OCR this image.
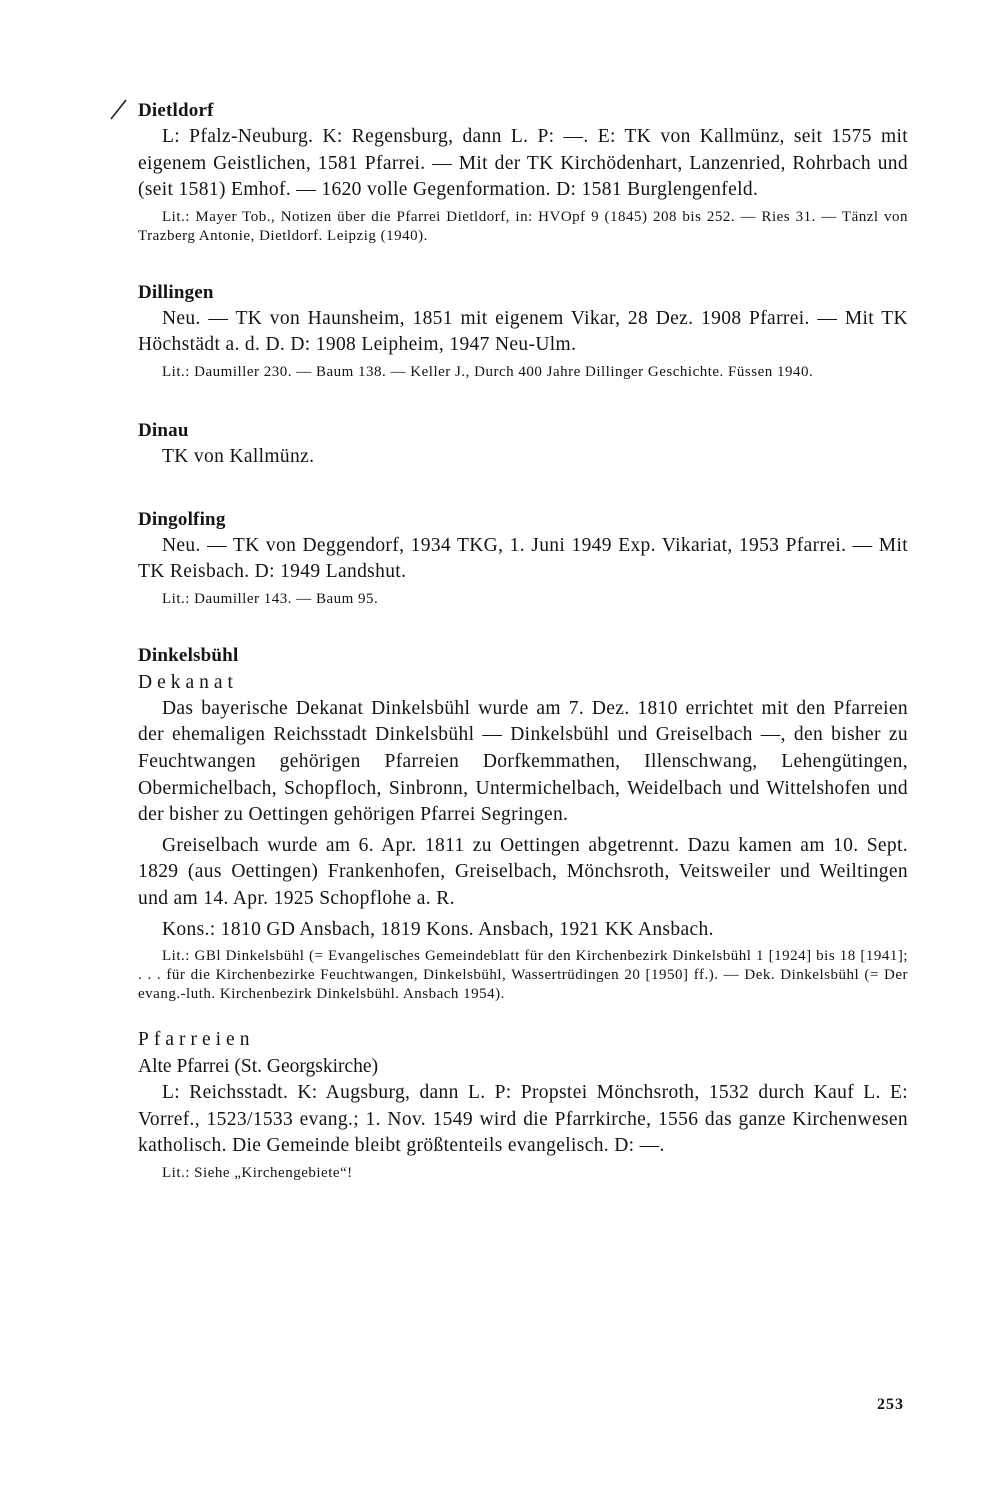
Dietldorf

L: Pfalz-Neuburg. K: Regensburg, dann L. P: —. E: TK von Kallmünz, seit 1575 mit eigenem Geistlichen, 1581 Pfarrei. — Mit der TK Kirchödenhart, Lanzenried, Rohrbach und (seit 1581) Emhof. — 1620 volle Gegenformation. D: 1581 Burglengenfeld.

Lit.: Mayer Tob., Notizen über die Pfarrei Dietldorf, in: HVOpf 9 (1845) 208 bis 252. — Ries 31. — Tänzl von Trazberg Antonie, Dietldorf. Leipzig (1940).

Dillingen

Neu. — TK von Haunsheim, 1851 mit eigenem Vikar, 28 Dez. 1908 Pfarrei. — Mit TK Höchstädt a. d. D. D: 1908 Leipheim, 1947 Neu-Ulm.

Lit.: Daumiller 230. — Baum 138. — Keller J., Durch 400 Jahre Dillinger Geschichte. Füssen 1940.

Dinau

TK von Kallmünz.

Dingolfing

Neu. — TK von Deggendorf, 1934 TKG, 1. Juni 1949 Exp. Vikariat, 1953 Pfarrei. — Mit TK Reisbach. D: 1949 Landshut.

Lit.: Daumiller 143. — Baum 95.

Dinkelsbühl
Dekanat

Das bayerische Dekanat Dinkelsbühl wurde am 7. Dez. 1810 errichtet mit den Pfarreien der ehemaligen Reichsstadt Dinkelsbühl — Dinkelsbühl und Greiselbach —, den bisher zu Feuchtwangen gehörigen Pfarreien Dorfkemmathen, Illenschwang, Lehengütingen, Obermichelbach, Schopfloch, Sinbronn, Untermichelbach, Weidelbach und Wittelshofen und der bisher zu Oettingen gehörigen Pfarrei Segringen.

Greiselbach wurde am 6. Apr. 1811 zu Oettingen abgetrennt. Dazu kamen am 10. Sept. 1829 (aus Oettingen) Frankenhofen, Greiselbach, Mönchsroth, Veitsweiler und Weiltingen und am 14. Apr. 1925 Schopflohe a. R.

Kons.: 1810 GD Ansbach, 1819 Kons. Ansbach, 1921 KK Ansbach.

Lit.: GBl Dinkelsbühl (= Evangelisches Gemeindeblatt für den Kirchenbezirk Dinkelsbühl 1 [1924] bis 18 [1941]; . . . für die Kirchenbezirke Feuchtwangen, Dinkelsbühl, Wassertrüdingen 20 [1950] ff.). — Dek. Dinkelsbühl (= Der evang.-luth. Kirchenbezirk Dinkelsbühl. Ansbach 1954).

Pfarreien
Alte Pfarrei (St. Georgskirche)

L: Reichsstadt. K: Augsburg, dann L. P: Propstei Mönchsroth, 1532 durch Kauf L. E: Vorref., 1523/1533 evang.; 1. Nov. 1549 wird die Pfarrkirche, 1556 das ganze Kirchenwesen katholisch. Die Gemeinde bleibt größtenteils evangelisch. D: —.

Lit.: Siehe „Kirchengebiete“!

253
